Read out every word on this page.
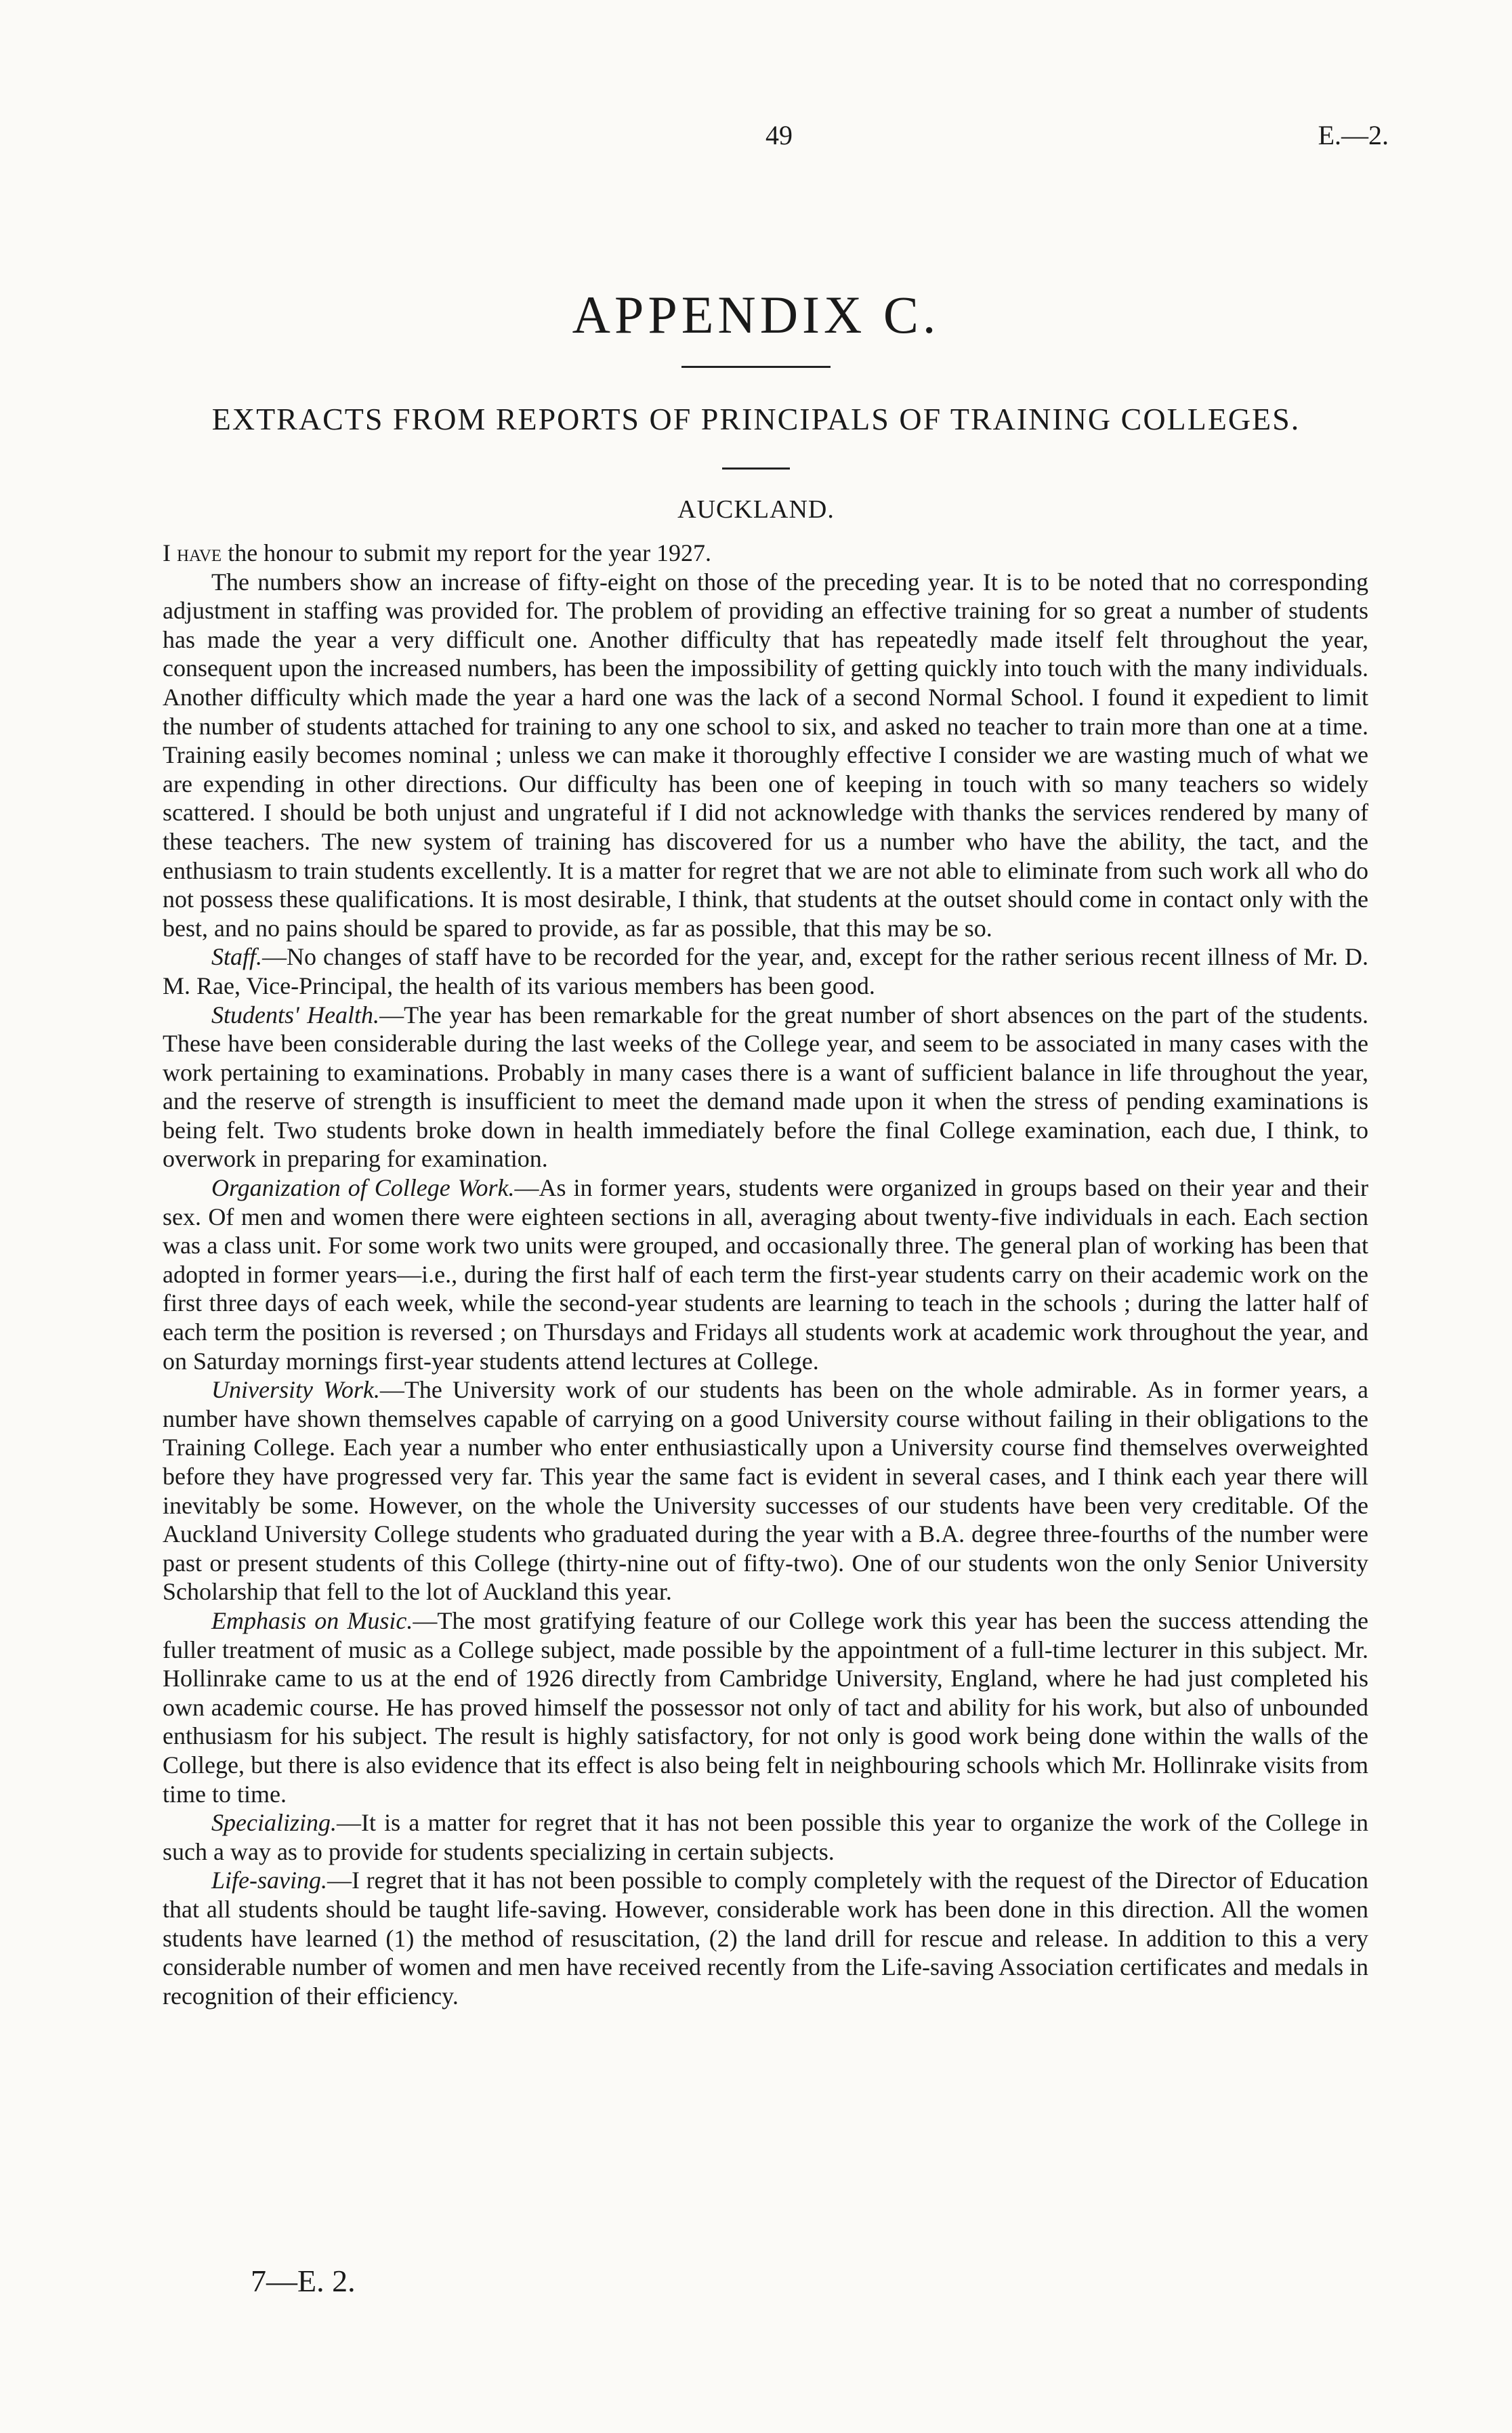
49	E.—2.
APPENDIX C.
EXTRACTS FROM REPORTS OF PRINCIPALS OF TRAINING COLLEGES.
AUCKLAND.

I have the honour to submit my report for the year 1927.

The numbers show an increase of fifty-eight on those of the preceding year. It is to be noted that no corresponding adjustment in staffing was provided for. The problem of providing an effective training for so great a number of students has made the year a very difficult one. Another difficulty that has repeatedly made itself felt throughout the year, consequent upon the increased numbers, has been the impossibility of getting quickly into touch with the many individuals. Another difficulty which made the year a hard one was the lack of a second Normal School. I found it expedient to limit the number of students attached for training to any one school to six, and asked no teacher to train more than one at a time. Training easily becomes nominal ; unless we can make it thoroughly effective I consider we are wasting much of what we are expending in other directions. Our difficulty has been one of keeping in touch with so many teachers so widely scattered. I should be both unjust and ungrateful if I did not acknowledge with thanks the services rendered by many of these teachers. The new system of training has discovered for us a number who have the ability, the tact, and the enthusiasm to train students excellently. It is a matter for regret that we are not able to eliminate from such work all who do not possess these qualifications. It is most desirable, I think, that students at the outset should come in contact only with the best, and no pains should be spared to provide, as far as possible, that this may be so.

Staff.—No changes of staff have to be recorded for the year, and, except for the rather serious recent illness of Mr. D. M. Rae, Vice-Principal, the health of its various members has been good.

Students' Health.—The year has been remarkable for the great number of short absences on the part of the students. These have been considerable during the last weeks of the College year, and seem to be associated in many cases with the work pertaining to examinations. Probably in many cases there is a want of sufficient balance in life throughout the year, and the reserve of strength is insufficient to meet the demand made upon it when the stress of pending examinations is being felt. Two students broke down in health immediately before the final College examination, each due, I think, to overwork in preparing for examination.

Organization of College Work.—As in former years, students were organized in groups based on their year and their sex. Of men and women there were eighteen sections in all, averaging about twenty-five individuals in each. Each section was a class unit. For some work two units were grouped, and occasionally three. The general plan of working has been that adopted in former years—i.e., during the first half of each term the first-year students carry on their academic work on the first three days of each week, while the second-year students are learning to teach in the schools ; during the latter half of each term the position is reversed ; on Thursdays and Fridays all students work at academic work throughout the year, and on Saturday mornings first-year students attend lectures at College.

University Work.—The University work of our students has been on the whole admirable. As in former years, a number have shown themselves capable of carrying on a good University course without failing in their obligations to the Training College. Each year a number who enter enthusiastically upon a University course find themselves overweighted before they have progressed very far. This year the same fact is evident in several cases, and I think each year there will inevitably be some. However, on the whole the University successes of our students have been very creditable. Of the Auckland University College students who graduated during the year with a B.A. degree three-fourths of the number were past or present students of this College (thirty-nine out of fifty-two). One of our students won the only Senior University Scholarship that fell to the lot of Auckland this year.

Emphasis on Music.—The most gratifying feature of our College work this year has been the success attending the fuller treatment of music as a College subject, made possible by the appointment of a full-time lecturer in this subject. Mr. Hollinrake came to us at the end of 1926 directly from Cambridge University, England, where he had just completed his own academic course. He has proved himself the possessor not only of tact and ability for his work, but also of unbounded enthusiasm for his subject. The result is highly satisfactory, for not only is good work being done within the walls of the College, but there is also evidence that its effect is also being felt in neighbouring schools which Mr. Hollinrake visits from time to time.

Specializing.—It is a matter for regret that it has not been possible this year to organize the work of the College in such a way as to provide for students specializing in certain subjects.

Life-saving.—I regret that it has not been possible to comply completely with the request of the Director of Education that all students should be taught life-saving. However, considerable work has been done in this direction. All the women students have learned (1) the method of resuscitation, (2) the land drill for rescue and release. In addition to this a very considerable number of women and men have received recently from the Life-saving Association certificates and medals in recognition of their efficiency.

7—E. 2.
